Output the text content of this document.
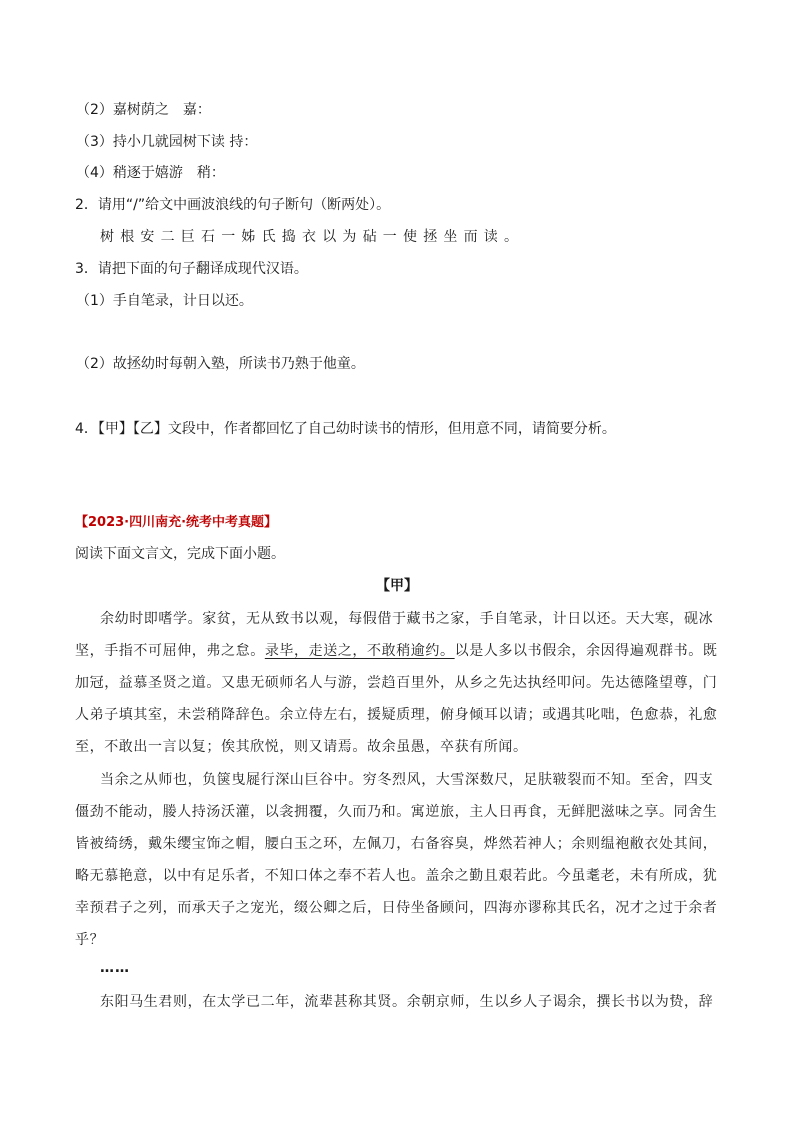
（2）嘉树荫之　嘉：
（3）持小几就园树下读 持：
（4）稍逐于嬉游　稍：
2．请用“/”给文中画波浪线的句子断句（断两处）。
树根安二巨石一姊氏捣衣以为砧一使拯坐而读。
3．请把下面的句子翻译成现代汉语。
（1）手自笔录，计日以还。
（2）故拯幼时每朝入塾，所读书乃熟于他童。
4．【甲】【乙】文段中，作者都回忆了自己幼时读书的情形，但用意不同，请简要分析。
【2023·四川南充·统考中考真题】
阅读下面文言文，完成下面小题。
【甲】
余幼时即嗜学。家贫，无从致书以观，每假借于藏书之家，手自笔录，计日以还。天大寒，砚冰
坚，手指不可屈伸，弗之怠。录毕，走送之，不敢稍逾约。以是人多以书假余，余因得遍观群书。既
加冠，益慕圣贤之道。又患无硕师名人与游，尝趋百里外，从乡之先达执经叩问。先达德隆望尊，门
人弟子填其室，未尝稍降辞色。余立侍左右，援疑质理，俯身倾耳以请；或遇其叱咄，色愈恭，礼愈
至，不敢出一言以复；俟其欣悦，则又请焉。故余虽愚，卒获有所闻。
当余之从师也，负箧曳屣行深山巨谷中。穷冬烈风，大雪深数尺，足肤皲裂而不知。至舍，四支
僵劲不能动，媵人持汤沃灌，以衾拥覆，久而乃和。寓逆旅，主人日再食，无鲜肥滋味之享。同舍生
皆被绮绣，戴朱缨宝饰之帽，腰白玉之环，左佩刀，右备容臭，烨然若神人；余则缊袍敝衣处其间，
略无慕艳意，以中有足乐者，不知口体之奉不若人也。盖余之勤且艰若此。今虽耄老，未有所成，犹
幸预君子之列，而承天子之宠光，缀公卿之后，日侍坐备顾问，四海亦谬称其氏名，况才之过于余者
乎？
……
东阳马生君则，在太学已二年，流辈甚称其贤。余朝京师，生以乡人子谒余，撰长书以为贽，辞
